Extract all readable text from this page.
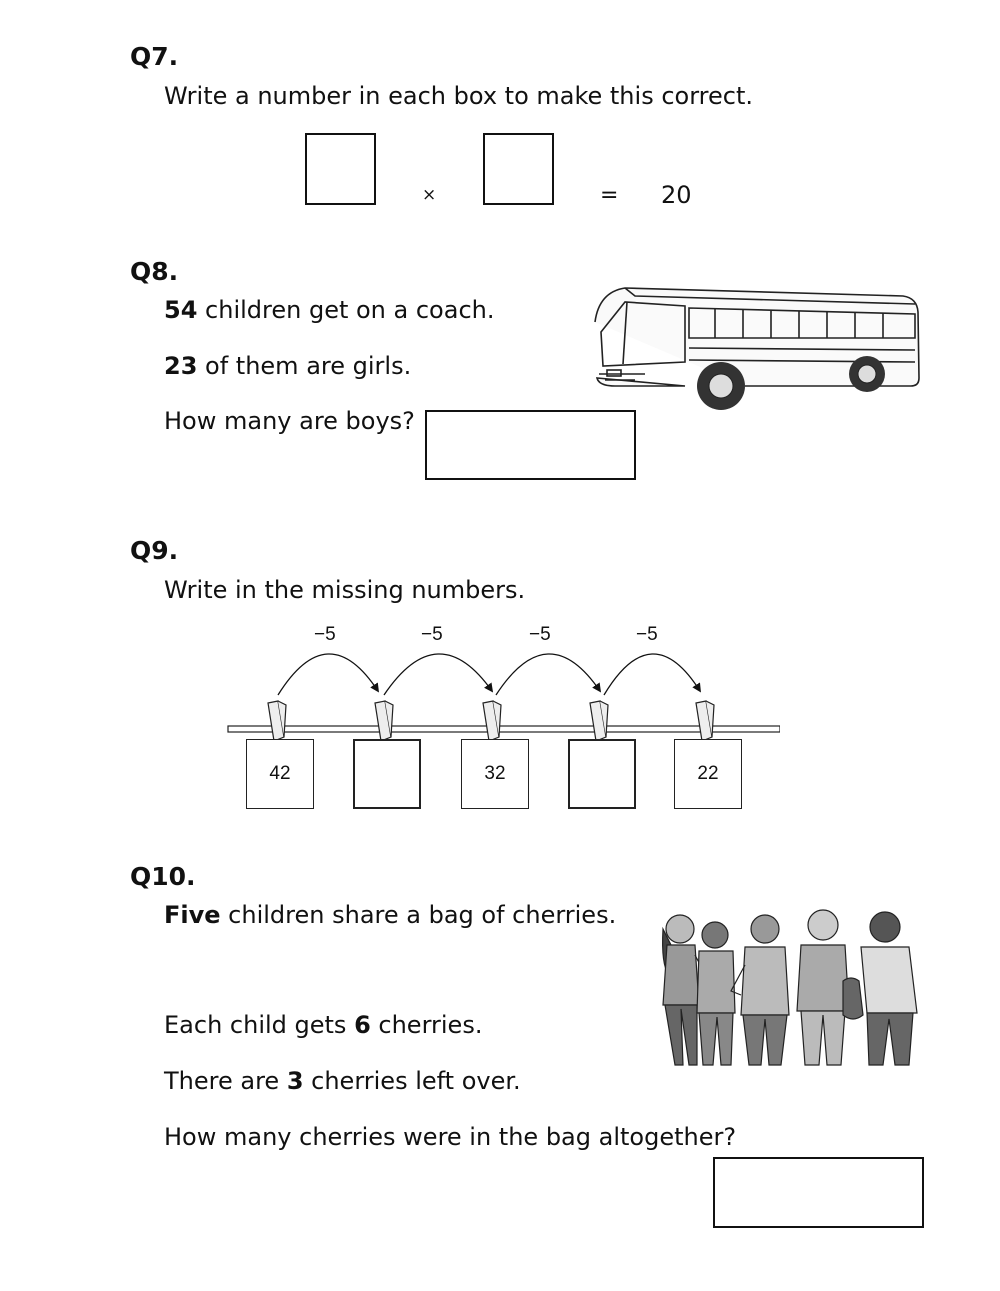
Q7.
Write a number in each box to make this correct.
×	= 20
Q8.
54 children get on a coach.
23 of them are girls.
How many are boys?
Q9.
Write in the missing numbers.
−5	−5	−5	−5
42	32	22
Q10.
Five children share a bag of cherries.
Each child gets 6 cherries.
There are 3 cherries left over.
How many cherries were in the bag altogether?
